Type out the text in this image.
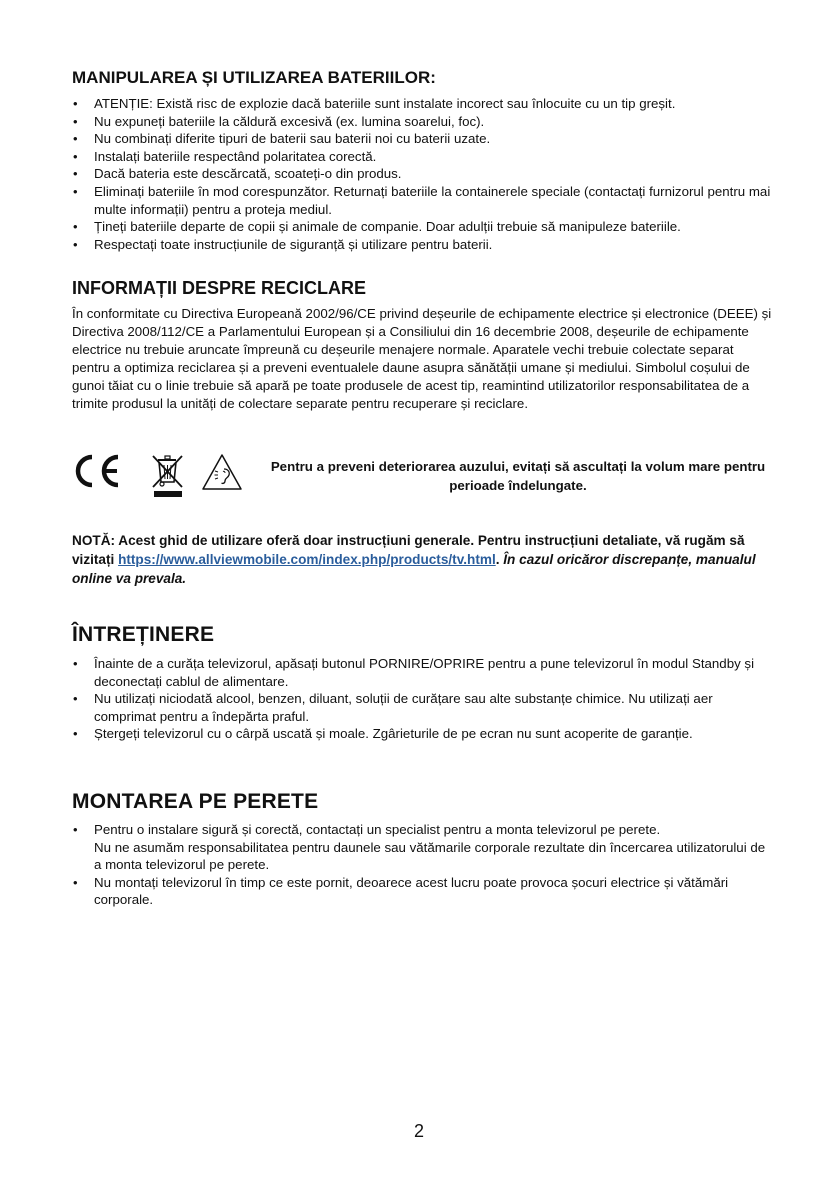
MANIPULAREA ȘI UTILIZAREA BATERIILOR:
• ATENȚIE: Există risc de explozie dacă bateriile sunt instalate incorect sau înlocuite cu un tip greșit.
• Nu expuneți bateriile la căldură excesivă (ex. lumina soarelui, foc).
• Nu combinați diferite tipuri de baterii sau baterii noi cu baterii uzate.
• Instalați bateriile respectând polaritatea corectă.
• Dacă bateria este descărcată, scoateți-o din produs.
• Eliminați bateriile în mod corespunzător. Returnați bateriile la containerele speciale (contactați furnizorul pentru mai multe informații) pentru a proteja mediul.
• Țineți bateriile departe de copii și animale de companie. Doar adulții trebuie să manipuleze bateriile.
• Respectați toate instrucțiunile de siguranță și utilizare pentru baterii.
INFORMAȚII DESPRE RECICLARE

În conformitate cu Directiva Europeană 2002/96/CE privind deșeurile de echipamente electrice și electronice (DEEE) și Directiva 2008/112/CE a Parlamentului European și a Consiliului din 16 decembrie 2008, deșeurile de echipamente electrice nu trebuie aruncate împreună cu deșeurile menajere normale. Aparatele vechi trebuie colectate separat pentru a optimiza reciclarea și a preveni eventualele daune asupra sănătății umane și mediului. Simbolul coșului de gunoi tăiat cu o linie trebuie să apară pe toate produsele de acest tip, reamintind utilizatorilor responsabilitatea de a trimite produsul la unități de colectare separate pentru recuperare și reciclare.

Pentru a preveni deteriorarea auzului, evitați să ascultați la volum mare pentru perioade îndelungate.

NOTĂ: Acest ghid de utilizare oferă doar instrucțiuni generale. Pentru instrucțiuni detaliate, vă rugăm să vizitați https://www.allviewmobile.com/index.php/products/tv.html. În cazul oricăror discrepanțe, manualul online va prevala.

ÎNTREȚINERE
• Înainte de a curăța televizorul, apăsați butonul PORNIRE/OPRIRE pentru a pune televizorul în modul Standby și deconectați cablul de alimentare.
• Nu utilizați niciodată alcool, benzen, diluant, soluții de curățare sau alte substanțe chimice. Nu utilizați aer comprimat pentru a îndepărta praful.
• Ștergeți televizorul cu o cârpă uscată și moale. Zgârieturile de pe ecran nu sunt acoperite de garanție.
MONTAREA PE PERETE
• Pentru o instalare sigură și corectă, contactați un specialist pentru a monta televizorul pe perete.
Nu ne asumăm responsabilitatea pentru daunele sau vătămarile corporale rezultate din încercarea utilizatorului de a monta televizorul pe perete.
• Nu montați televizorul în timp ce este pornit, deoarece acest lucru poate provoca șocuri electrice și vătămări corporale.

2
